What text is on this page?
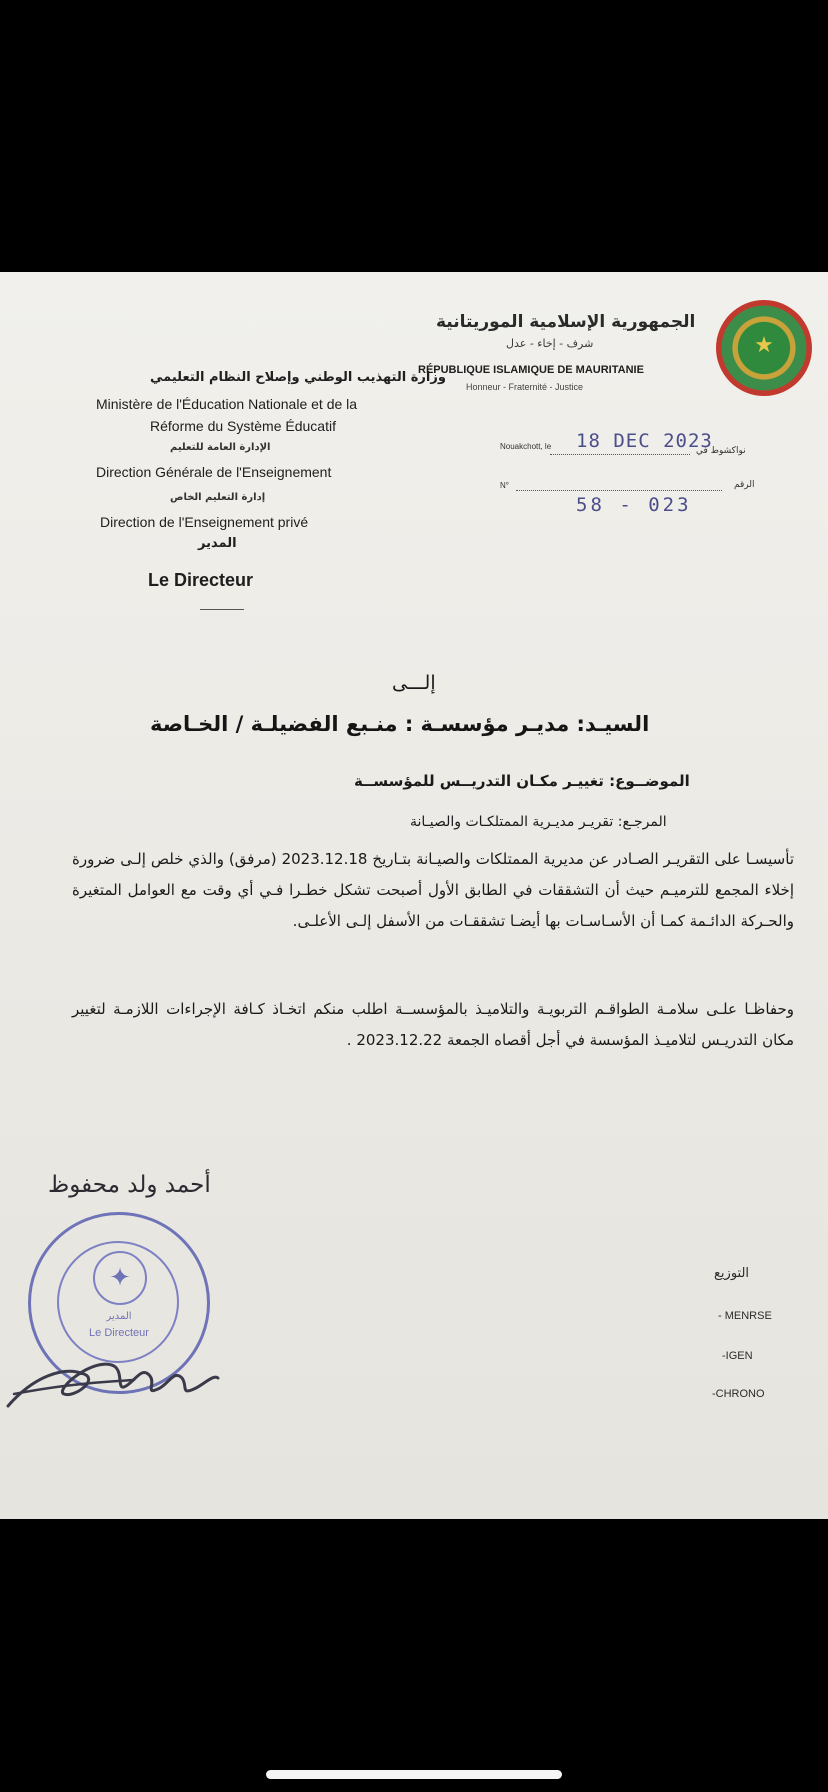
★
الجمهورية الإسلامية الموريتانية
شرف - إخاء - عدل
RÉPUBLIQUE ISLAMIQUE DE MAURITANIE
Honneur - Fraternité - Justice
وزارة التهذيب الوطني وإصلاح النظام التعليمي
Ministère de l'Éducation Nationale et de la
Réforme du Système Éducatif
الإدارة العامة للتعليم
Direction Générale de l'Enseignement
إدارة التعليم الخاص
Direction de l'Enseignement privé
المدير
Le Directeur
Nouakchott, le 18 DEC 2023
نواكشوط في
N°	الرقم
58 - 023
إلـــى
السيـد: مديـر مؤسسـة : منـبع الفضيلـة / الخـاصة
الموضــوع: تغييـر مكـان التدريــس للمؤسســة
المرجـع: تقريـر مديـرية الممتلكـات والصيـانة
تأسيسـا على التقريـر الصـادر عن مديرية الممتلكات والصيـانة بتـاريخ 2023.12.18 (مرفق) والذي خلص إلـى ضرورة إخلاء المجمع للترميـم حيث أن التشققات في الطابق الأول أصبحت تشكل خطـرا فـي أي وقت مع العوامل المتغيرة والحـركة الدائـمة كمـا أن الأسـاسـات بها أيضـا تشققـات من الأسفل إلـى الأعلـى.
وحفاظـا علـى سلامـة الطواقـم التربويـة والتلاميـذ بالمؤسســة اطلب منكم اتخـاذ كـافة الإجراءات اللازمـة لتغيير مكان التدريـس لتلاميـذ المؤسسة في أجل أقصاه الجمعة 2023.12.22 .
أحمد ولد محفوظ
✦
المدير
Le Directeur
التوزيع
- MENRSE
-IGEN
-CHRONO
